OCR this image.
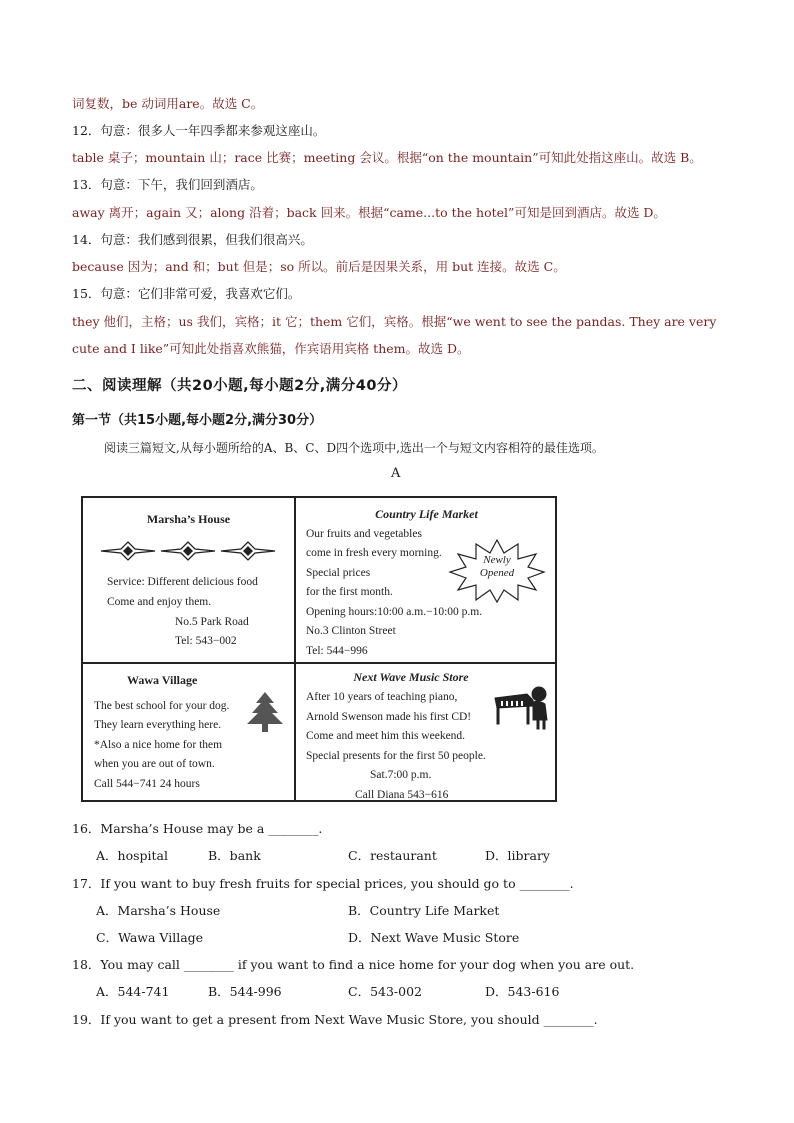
词复数，be 动词用are。故选 C。
12．句意：很多人一年四季都来参观这座山。
table 桌子；mountain 山；race 比赛；meeting 会议。根据“on the mountain”可知此处指这座山。故选 B。
13．句意：下午，我们回到酒店。
away 离开；again 又；along 沿着；back 回来。根据“came...to the hotel”可知是回到酒店。故选 D。
14．句意：我们感到很累，但我们很高兴。
because 因为；and 和；but 但是；so 所以。前后是因果关系，用 but 连接。故选 C。
15．句意：它们非常可爱，我喜欢它们。
they 他们，主格；us 我们，宾格；it 它；them 它们，宾格。根据“we went to see the pandas. They are very
cute and I like”可知此处指喜欢熊猫，作宾语用宾格 them。故选 D。
二、阅读理解（共20小题,每小题2分,满分40分）
第一节（共15小题,每小题2分,满分30分）
阅读三篇短文,从每小题所给的A、B、C、D四个选项中,选出一个与短文内容相符的最佳选项。
A
Marsha’s House
Service: Different delicious food
Come and enjoy them.
No.5 Park Road
Tel: 543−002
Country Life Market
Our fruits and vegetables
come in fresh every morning.
Special prices
for the first month.
Opening hours:10:00 a.m.−10:00 p.m.
No.3 Clinton Street
Tel: 544−996
Newly
Opened
Wawa Village
The best school for your dog.
They learn everything here.
*Also a nice home for them
when you are out of town.
Call 544−741 24 hours
Next Wave Music Store
After 10 years of teaching piano,
Arnold Swenson made his first CD!
Come and meet him this weekend.
Special presents for the first 50 people.
Sat.7:00 p.m.
Call Diana 543−616
16．Marsha’s House may be a ________.
A．hospital	B．bank	C．restaurant	D．library
17．If you want to buy fresh fruits for special prices, you should go to ________.
A．Marsha’s House	B．Country Life Market
C．Wawa Village	D．Next Wave Music Store
18．You may call ________ if you want to find a nice home for your dog when you are out.
A．544-741	B．544-996	C．543-002	D．543-616
19．If you want to get a present from Next Wave Music Store, you should ________.
